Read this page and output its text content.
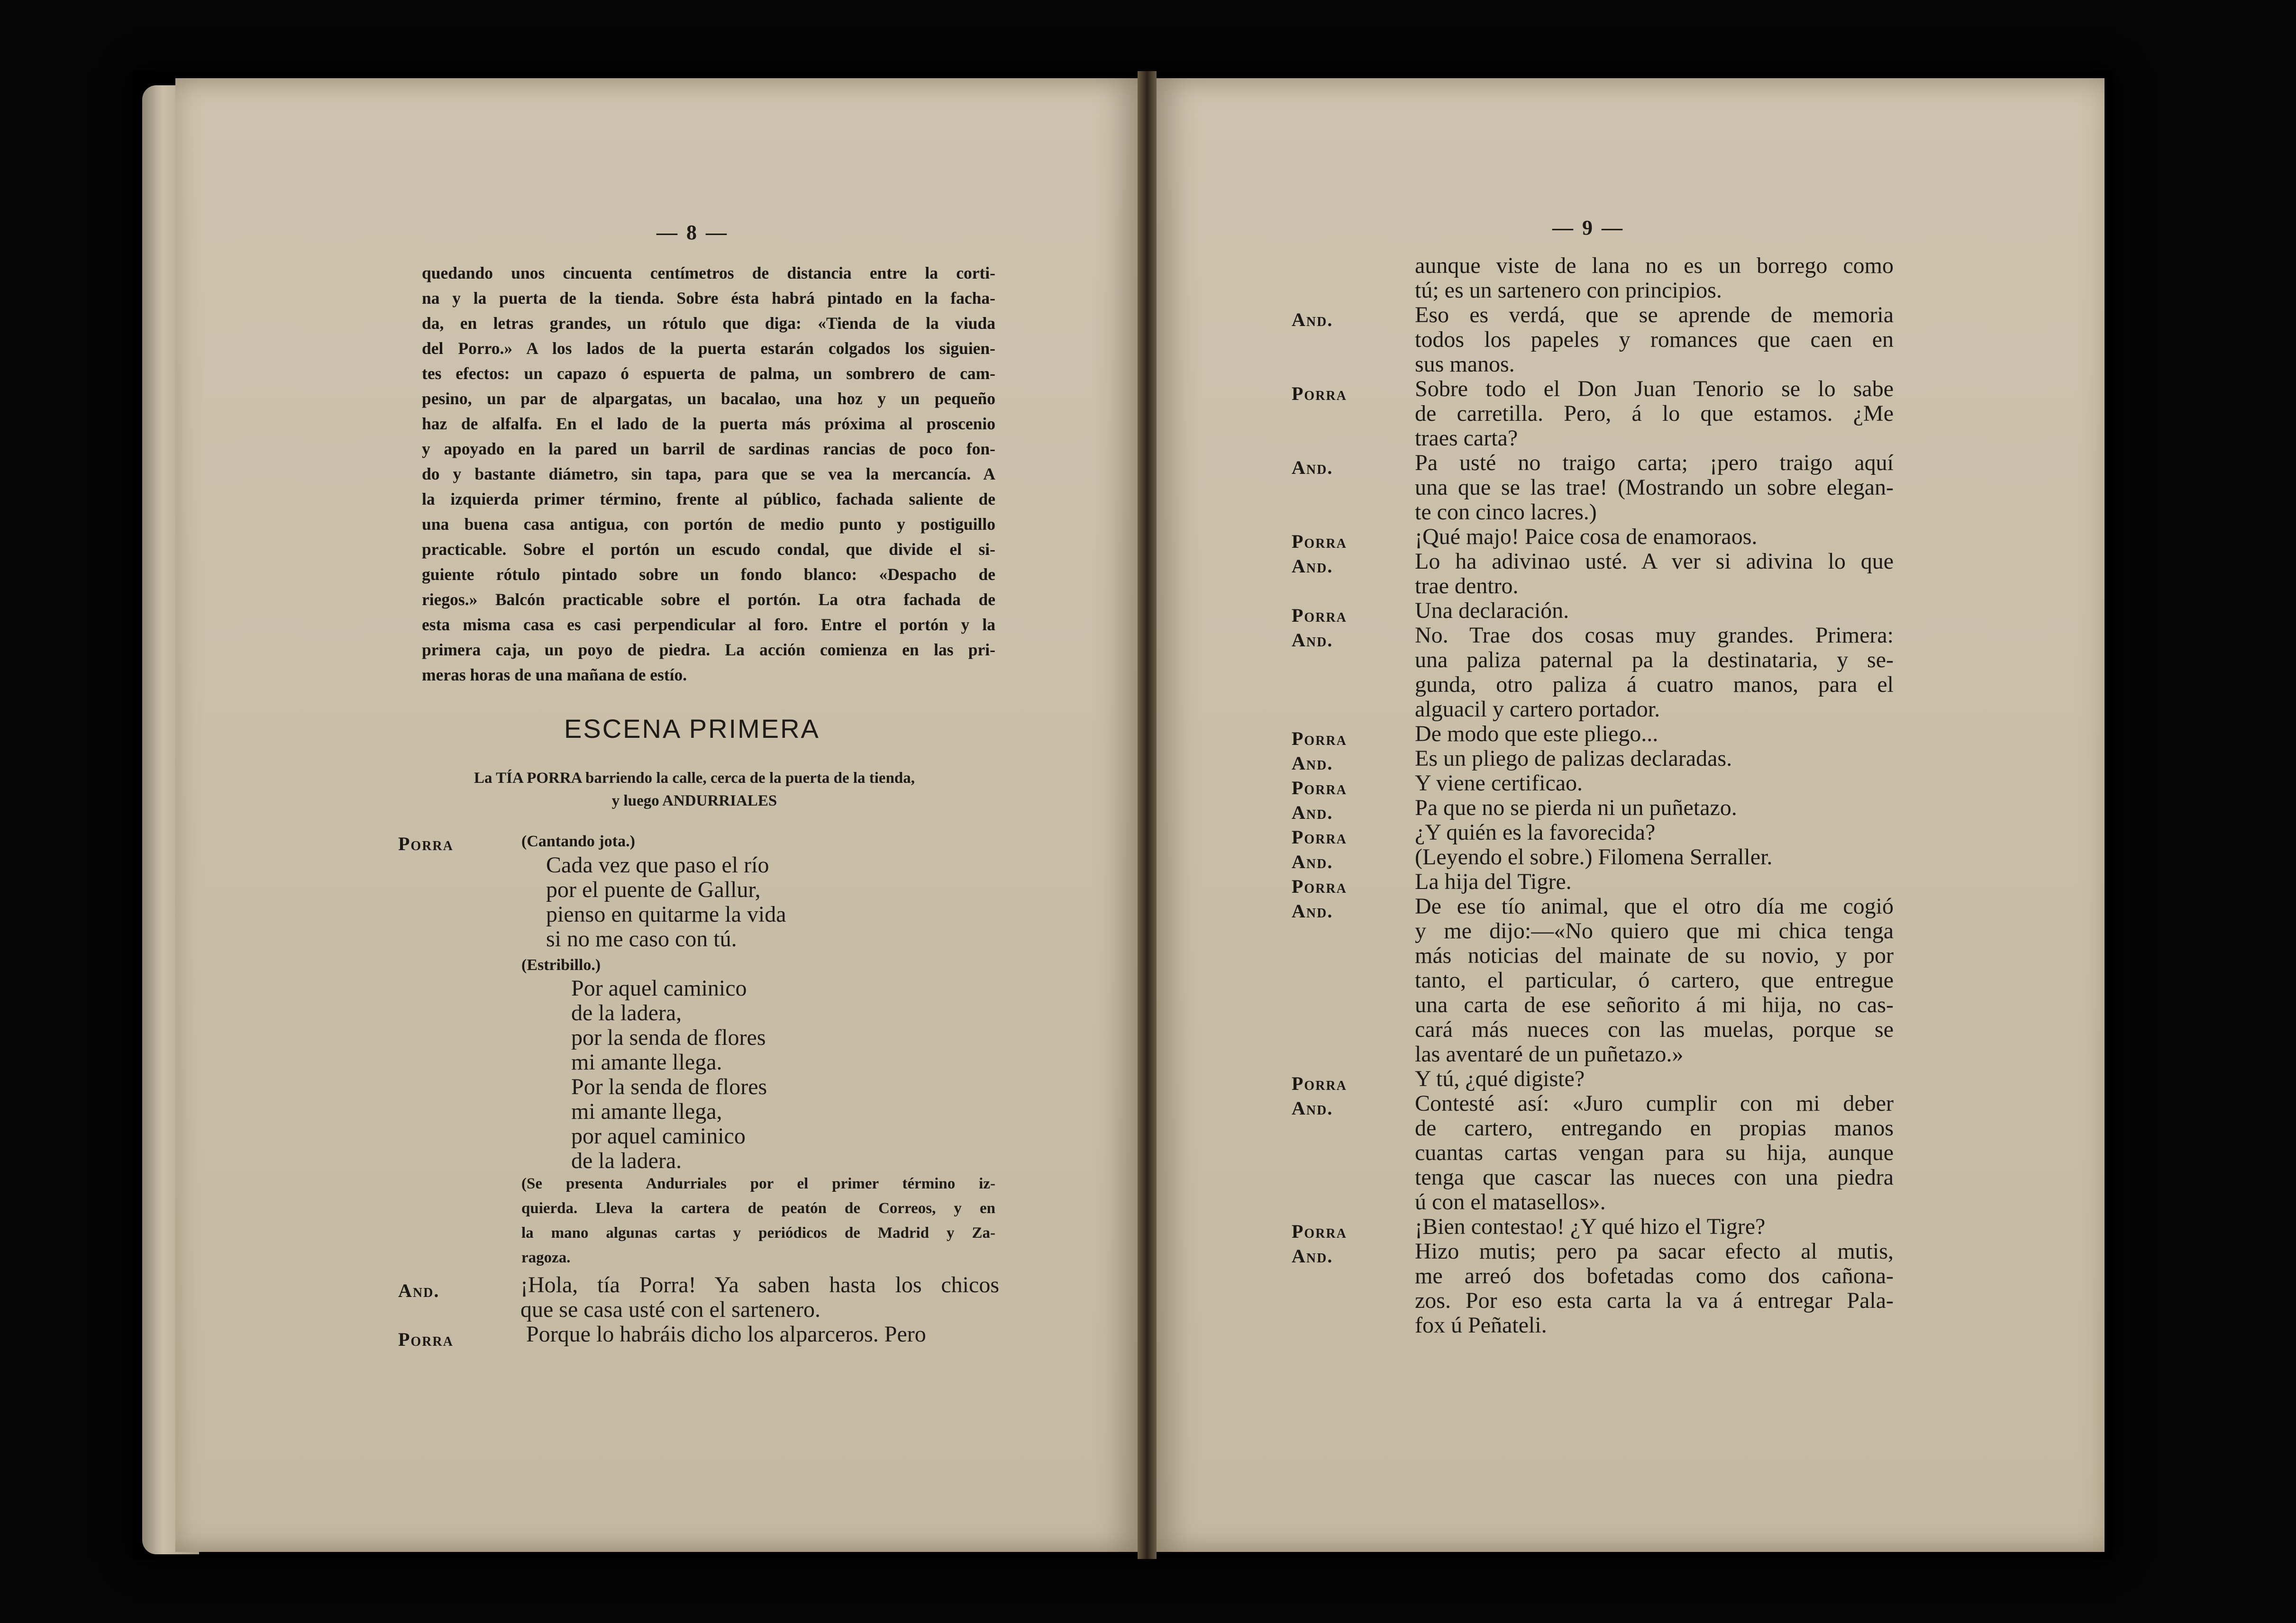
— 8 —
quedando unos cincuenta centímetros de distancia entre la corti-
na y la puerta de la tienda. Sobre ésta habrá pintado en la facha-
da, en letras grandes, un rótulo que diga: «Tienda de la viuda
del Porro.» A los lados de la puerta estarán colgados los siguien-
tes efectos: un capazo ó espuerta de palma, un sombrero de cam-
pesino, un par de alpargatas, un bacalao, una hoz y un pequeño
haz de alfalfa. En el lado de la puerta más próxima al proscenio
y apoyado en la pared un barril de sardinas rancias de poco fon-
do y bastante diámetro, sin tapa, para que se vea la mercancía. A
la izquierda primer término, frente al público, fachada saliente de
una buena casa antigua, con portón de medio punto y postiguillo
practicable. Sobre el portón un escudo condal, que divide el si-
guiente rótulo pintado sobre un fondo blanco: «Despacho de
riegos.» Balcón practicable sobre el portón. La otra fachada de
esta misma casa es casi perpendicular al foro. Entre el portón y la
primera caja, un poyo de piedra. La acción comienza en las pri-
meras horas de una mañana de estío.
ESCENA PRIMERA
La TÍA PORRA barriendo la calle, cerca de la puerta de la tienda,
y luego ANDURRIALES
Porra	(Cantando jota.)
Cada vez que paso el río
por el puente de Gallur,
pienso en quitarme la vida
si no me caso con tú.
(Estribillo.)
Por aquel caminico
de la ladera,
por la senda de flores
mi amante llega.
Por la senda de flores
mi amante llega,
por aquel caminico
de la ladera.
(Se presenta Andurriales por el primer término iz-
quierda. Lleva la cartera de peatón de Correos, y en
la mano algunas cartas y periódicos de Madrid y Za-
ragoza.
And.	¡Hola, tía Porra! Ya saben hasta los chicos
que se casa usté con el sartenero.
Porra	Porque lo habráis dicho los alparceros. Pero
— 9 —
aunque viste de lana no es un borrego como
tú; es un sartenero con principios.
And.	Eso es verdá, que se aprende de memoria
todos los papeles y romances que caen en
sus manos.
Porra	Sobre todo el Don Juan Tenorio se lo sabe
de carretilla. Pero, á lo que estamos. ¿Me
traes carta?
And.	Pa usté no traigo carta; ¡pero traigo aquí
una que se las trae! (Mostrando un sobre elegan-
te con cinco lacres.)
Porra	¡Qué majo! Paice cosa de enamoraos.
And.	Lo ha adivinao usté. A ver si adivina lo que
trae dentro.
Porra	Una declaración.
And.	No. Trae dos cosas muy grandes. Primera:
una paliza paternal pa la destinataria, y se-
gunda, otro paliza á cuatro manos, para el
alguacil y cartero portador.
Porra	De modo que este pliego...
And.	Es un pliego de palizas declaradas.
Porra	Y viene certificao.
And.	Pa que no se pierda ni un puñetazo.
Porra	¿Y quién es la favorecida?
And.	(Leyendo el sobre.) Filomena Serraller.
Porra	La hija del Tigre.
And.	De ese tío animal, que el otro día me cogió
y me dijo:—«No quiero que mi chica tenga
más noticias del mainate de su novio, y por
tanto, el particular, ó cartero, que entregue
una carta de ese señorito á mi hija, no cas-
cará más nueces con las muelas, porque se
las aventaré de un puñetazo.»
Porra	Y tú, ¿qué digiste?
And.	Contesté así: «Juro cumplir con mi deber
de cartero, entregando en propias manos
cuantas cartas vengan para su hija, aunque
tenga que cascar las nueces con una piedra
ú con el matasellos».
Porra	¡Bien contestao! ¿Y qué hizo el Tigre?
And.	Hizo mutis; pero pa sacar efecto al mutis,
me arreó dos bofetadas como dos cañona-
zos. Por eso esta carta la va á entregar Pala-
fox ú Peñateli.
